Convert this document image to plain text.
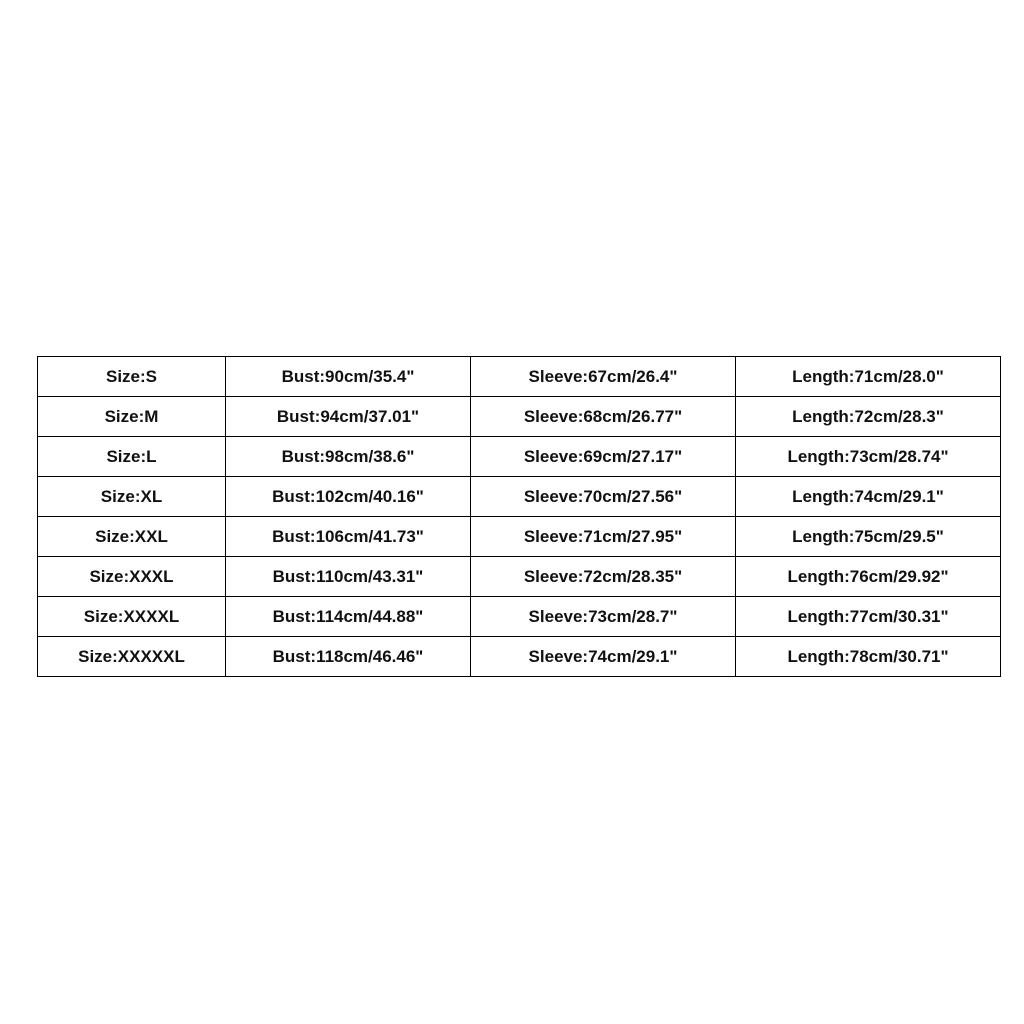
Size:S	Bust:90cm/35.4"	Sleeve:67cm/26.4"	Length:71cm/28.0"
Size:M	Bust:94cm/37.01"	Sleeve:68cm/26.77"	Length:72cm/28.3"
Size:L	Bust:98cm/38.6"	Sleeve:69cm/27.17"	Length:73cm/28.74"
Size:XL	Bust:102cm/40.16"	Sleeve:70cm/27.56"	Length:74cm/29.1"
Size:XXL	Bust:106cm/41.73"	Sleeve:71cm/27.95"	Length:75cm/29.5"
Size:XXXL	Bust:110cm/43.31"	Sleeve:72cm/28.35"	Length:76cm/29.92"
Size:XXXXL	Bust:114cm/44.88"	Sleeve:73cm/28.7"	Length:77cm/30.31"
Size:XXXXXL	Bust:118cm/46.46"	Sleeve:74cm/29.1"	Length:78cm/30.71"
